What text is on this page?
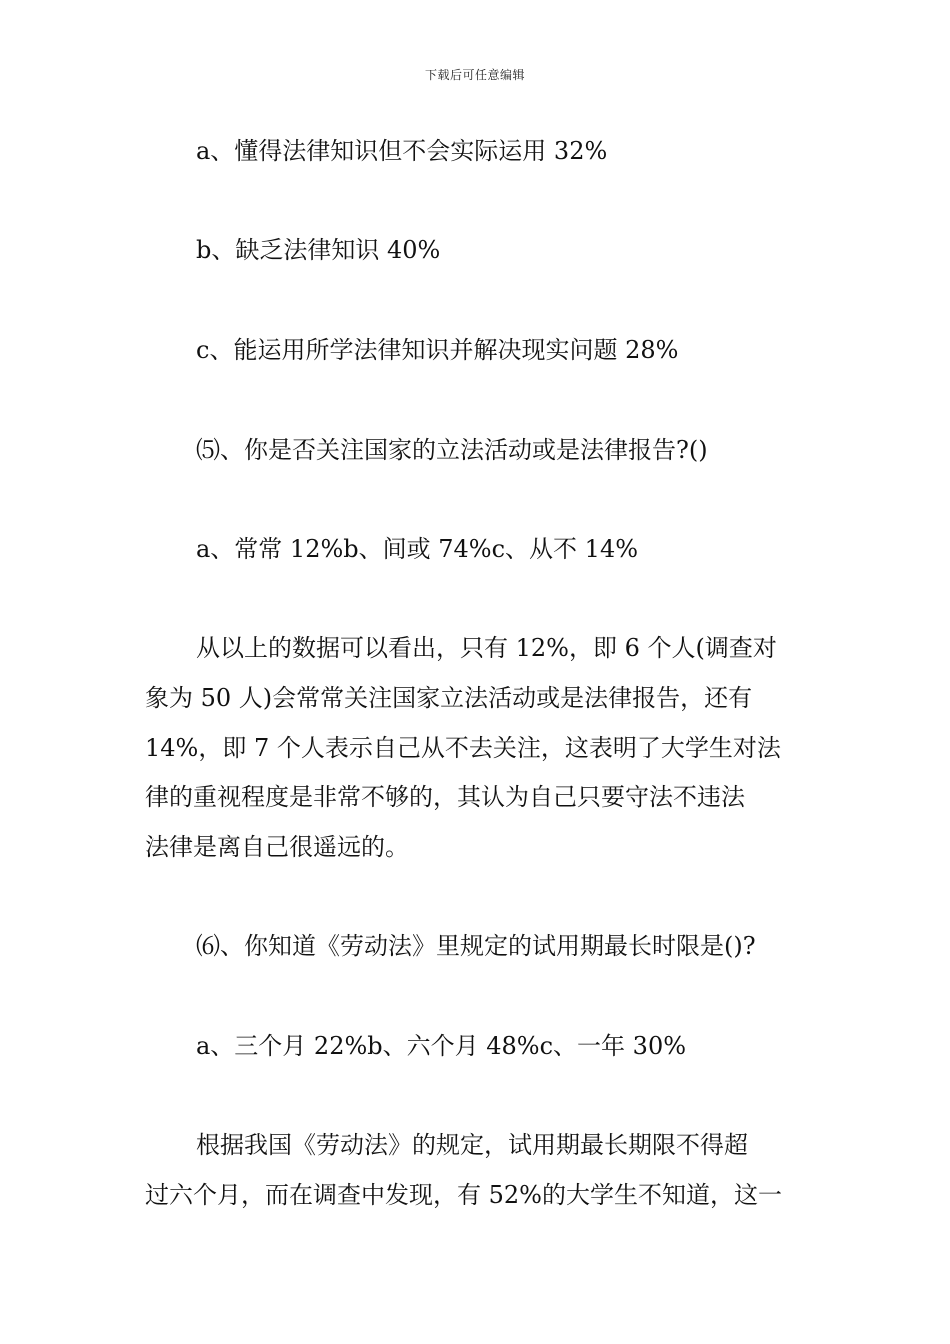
下载后可任意编辑
a、懂得法律知识但不会实际运用 32%
b、缺乏法律知识 40%
c、能运用所学法律知识并解决现实问题 28%
⑸、你是否关注国家的立法活动或是法律报告?()
a、常常 12%b、间或 74%c、从不 14%
从以上的数据可以看出，只有 12%，即 6 个人(调查对
象为 50 人)会常常关注国家立法活动或是法律报告，还有
14%，即 7 个人表示自己从不去关注，这表明了大学生对法
律的重视程度是非常不够的，其认为自己只要守法不违法
法律是离自己很遥远的。
⑹、你知道《劳动法》里规定的试用期最长时限是()?
a、三个月 22%b、六个月 48%c、一年 30%
根据我国《劳动法》的规定，试用期最长期限不得超
过六个月，而在调查中发现，有 52%的大学生不知道，这一
